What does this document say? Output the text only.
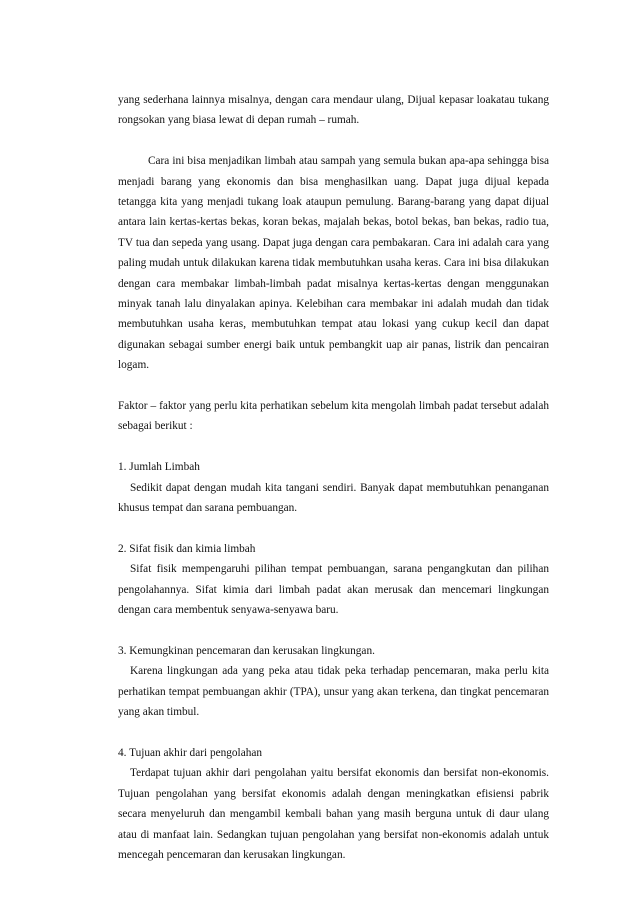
yang sederhana lainnya misalnya, dengan cara mendaur ulang, Dijual kepasar loakatau tukang rongsokan yang biasa lewat di depan rumah – rumah.

Cara ini bisa menjadikan limbah atau sampah yang semula bukan apa-apa sehingga bisa menjadi barang yang ekonomis dan bisa menghasilkan uang. Dapat juga dijual kepada tetangga kita yang menjadi tukang loak ataupun pemulung. Barang-barang yang dapat dijual antara lain kertas-kertas bekas, koran bekas, majalah bekas, botol bekas, ban bekas, radio tua, TV tua dan sepeda yang usang. Dapat juga dengan cara pembakaran. Cara ini adalah cara yang paling mudah untuk dilakukan karena tidak membutuhkan usaha keras. Cara ini bisa dilakukan dengan cara membakar limbah-limbah padat misalnya kertas-kertas dengan menggunakan minyak tanah lalu dinyalakan apinya. Kelebihan cara membakar ini adalah mudah dan tidak membutuhkan usaha keras, membutuhkan tempat atau lokasi yang cukup kecil dan dapat digunakan sebagai sumber energi baik untuk pembangkit uap air panas, listrik dan pencairan logam.

Faktor – faktor yang perlu kita perhatikan sebelum kita mengolah limbah padat tersebut adalah sebagai berikut :

1. Jumlah Limbah

Sedikit dapat dengan mudah kita tangani sendiri. Banyak dapat membutuhkan penanganan khusus tempat dan sarana pembuangan.

2. Sifat fisik dan kimia limbah

Sifat fisik mempengaruhi pilihan tempat pembuangan, sarana pengangkutan dan pilihan pengolahannya. Sifat kimia dari limbah padat akan merusak dan mencemari lingkungan dengan cara membentuk senyawa-senyawa baru.

3. Kemungkinan pencemaran dan kerusakan lingkungan.

Karena lingkungan ada yang peka atau tidak peka terhadap pencemaran, maka perlu kita perhatikan tempat pembuangan akhir (TPA), unsur yang akan terkena, dan tingkat pencemaran yang akan timbul.

4. Tujuan akhir dari pengolahan

Terdapat tujuan akhir dari pengolahan yaitu bersifat ekonomis dan bersifat non-ekonomis. Tujuan pengolahan yang bersifat ekonomis adalah dengan meningkatkan efisiensi pabrik secara menyeluruh dan mengambil kembali bahan yang masih berguna untuk di daur ulang atau di manfaat lain. Sedangkan tujuan pengolahan yang bersifat non-ekonomis adalah untuk mencegah pencemaran dan kerusakan lingkungan.
